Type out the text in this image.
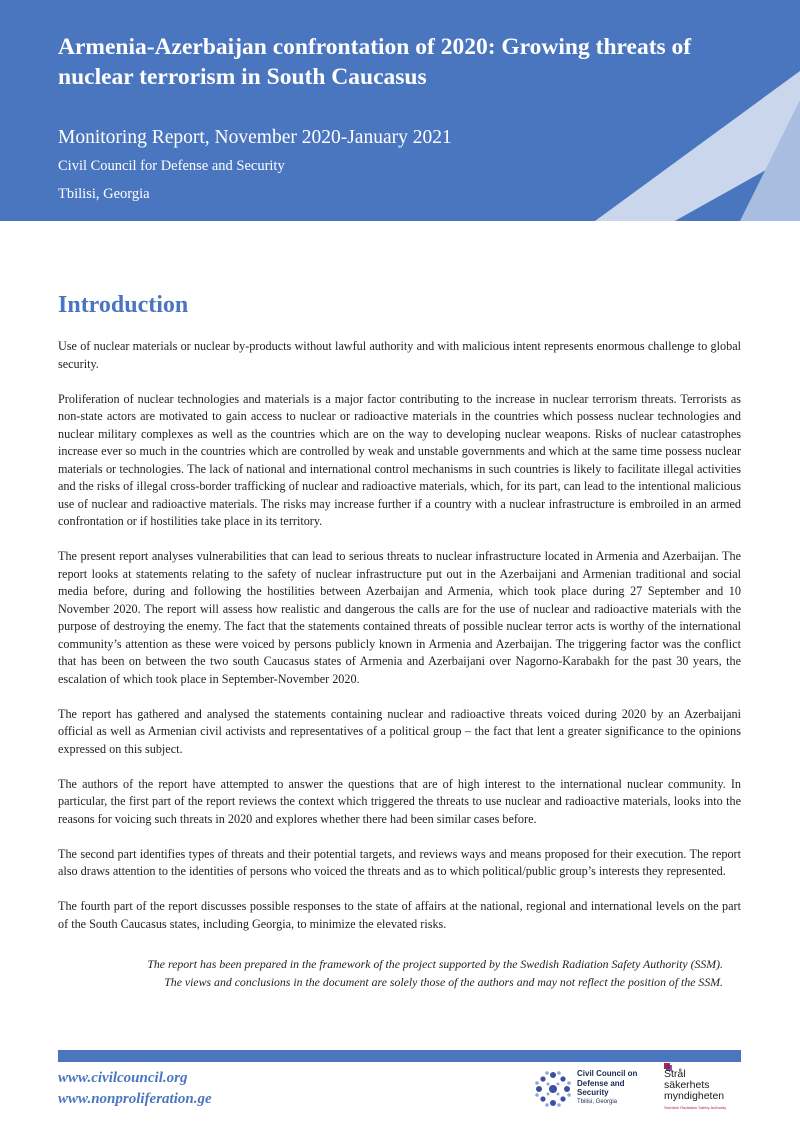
Armenia-Azerbaijan confrontation of 2020: Growing threats of nuclear terrorism in South Caucasus

Monitoring Report, November 2020-January 2021

Civil Council for Defense and Security

Tbilisi, Georgia

Introduction

Use of nuclear materials or nuclear by-products without lawful authority and with malicious intent represents enormous challenge to global security.

Proliferation of nuclear technologies and materials is a major factor contributing to the increase in nuclear terrorism threats. Terrorists as non-state actors are motivated to gain access to nuclear or radioactive materials in the countries which possess nuclear technologies and nuclear military complexes as well as the countries which are on the way to developing nuclear weapons. Risks of nuclear catastrophes increase ever so much in the countries which are controlled by weak and unstable governments and which at the same time possess nuclear materials or technologies. The lack of national and international control mechanisms in such countries is likely to facilitate illegal activities and the risks of illegal cross-border trafficking of nuclear and radioactive materials, which, for its part, can lead to the intentional malicious use of nuclear and radioactive materials. The risks may increase further if a country with a nuclear infrastructure is embroiled in an armed confrontation or if hostilities take place in its territory.

The present report analyses vulnerabilities that can lead to serious threats to nuclear infrastructure located in Armenia and Azerbaijan. The report looks at statements relating to the safety of nuclear infrastructure put out in the Azerbaijani and Armenian traditional and social media before, during and following the hostilities between Azerbaijan and Armenia, which took place during 27 September and 10 November 2020. The report will assess how realistic and dangerous the calls are for the use of nuclear and radioactive materials with the purpose of destroying the enemy. The fact that the statements contained threats of possible nuclear terror acts is worthy of the international community’s attention as these were voiced by persons publicly known in Armenia and Azerbaijan. The triggering factor was the conflict that has been on between the two south Caucasus states of Armenia and Azerbaijani over Nagorno-Karabakh for the past 30 years, the escalation of which took place in September-November 2020.

The report has gathered and analysed the statements containing nuclear and radioactive threats voiced during 2020 by an Azerbaijani official as well as Armenian civil activists and representatives of a political group – the fact that lent a greater significance to the opinions expressed on this subject.

The authors of the report have attempted to answer the questions that are of high interest to the international nuclear community. In particular, the first part of the report reviews the context which triggered the threats to use nuclear and radioactive materials, looks into the reasons for voicing such threats in 2020 and explores whether there had been similar cases before.

The second part identifies types of threats and their potential targets, and reviews ways and means proposed for their execution. The report also draws attention to the identities of persons who voiced the threats and as to which political/public group’s interests they represented.

The fourth part of the report discusses possible responses to the state of affairs at the national, regional and international levels on the part of the South Caucasus states, including Georgia, to minimize the elevated risks.

The report has been prepared in the framework of the project supported by the Swedish Radiation Safety Authority (SSM). The views and conclusions in the document are solely those of the authors and may not reflect the position of the SSM.

www.civilcouncil.org
www.nonproliferation.ge
Civil Council on
Defense and Security
Tbilisi, Georgia
Strål
säkerhets
myndigheten
Swedish Radiation Safety Authority
